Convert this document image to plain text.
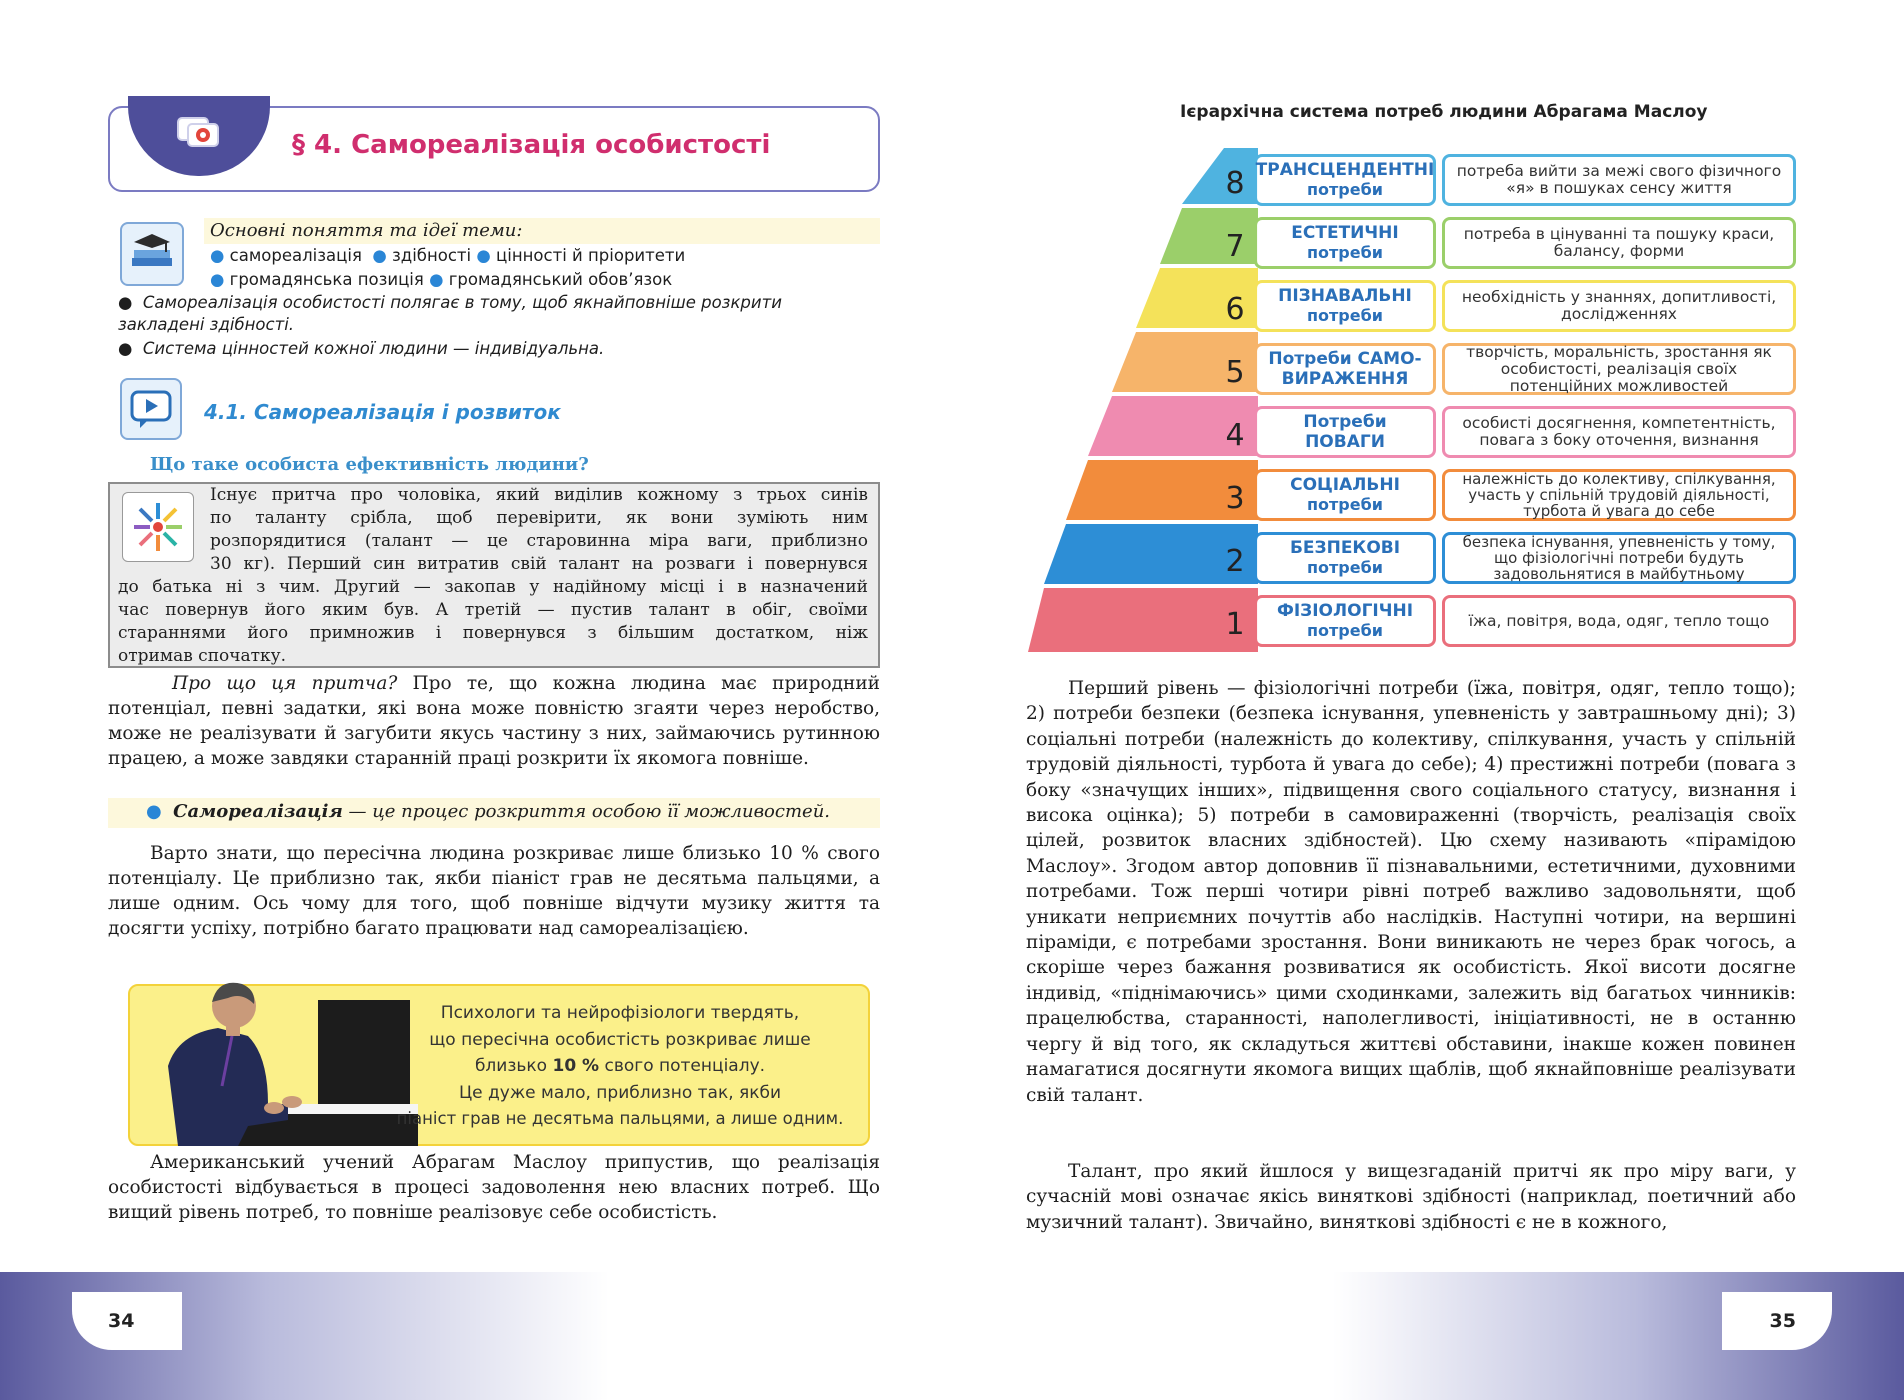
34	35
§ 4. Самореалізація особистості
Основні поняття та ідеї теми:
● самореалізація ● здібності ● цінності й пріоритети
● громадянська позиція ● громадянський обов’язок
●  Самореалізація особистості полягає в тому, щоб якнайповніше розкрити закладені здібності.
●  Система цінностей кожної людини — індивідуальна.
4.1. Самореалізація і розвиток
Що таке особиста ефективність людини?
Існує притча про чоловіка, який виділив кожному з трьох синів
по таланту срібла, щоб перевірити, як вони зуміють ним
розпорядитися (талант — це старовинна міра ваги, приблизно
30 кг). Перший син витратив свій талант на розваги і повернувся
до батька ні з чим. Другий — закопав у надійному місці і в назначений
час повернув його яким був. А третій — пустив талант в обіг, своїми
стараннями його примножив і повернувся з більшим достатком, ніж
отримав спочатку.
Про що ця притча? Про те, що кожна людина має природний потенціал, певні задатки, які вона може повністю згаяти через неробство, може не реалізувати й загубити якусь частину з них, займаючись рутинною працею, а може завдяки старанній праці розкрити їх якомога повніше.
● Самореалізація — це процес розкриття особою її можливостей.
Варто знати, що пересічна людина розкриває лише близько 10 % свого потенціалу. Це приблизно так, якби піаніст грав не десятьма пальцями, а лише одним. Ось чому для того, щоб повніше відчути музику життя та досягти успіху, потрібно багато працювати над самореалізацією.
Психологи та нейрофізіологи твердять,
що пересічна особистість розкриває лише
близько 10 % свого потенціалу.
Це дуже мало, приблизно так, якби
піаніст грав не десятьма пальцями, а лише одним.
Американський учений Абрагам Маслоу припустив, що реалізація особистості відбувається в процесі задоволення нею власних потреб. Що вищий рівень потреб, то повніше реалізовує себе особистість.
Ієрархічна система потреб людини Абрагама Маслоу
8 ТРАНСЦЕНДЕНТНІ
потреби
потреба вийти за межі свого фізичного «я» в пошуках сенсу життя
7	ЕСТЕТИЧНІ
потреби
потреба в цінуванні та пошуку краси, балансу, форми
6	ПІЗНАВАЛЬНІ
потреби
необхідність у знаннях, допитливості, дослідженнях
5	Потреби САМО-
ВИРАЖЕННЯ
творчість, моральність, зростання як особистості, реалізація своїх потенційних можливостей
4	Потреби
ПОВАГИ
особисті досягнення, компетентність, повага з боку оточення, визнання
3	СОЦІАЛЬНІ
потреби
належність до колективу, спілкування, участь у спільній трудовій діяльності, турбота й увага до себе
2	БЕЗПЕКОВІ
потреби
безпека існування, упевненість у тому, що фізіологічні потреби будуть задовольнятися в майбутньому
1	ФІЗІОЛОГІЧНІ
потреби
їжа, повітря, вода, одяг, тепло тощо
Перший рівень — фізіологічні потреби (їжа, повітря, одяг, тепло тощо); 2) потреби безпеки (безпека існування, упевненість у завтрашньому дні); 3) соціальні потреби (належність до колективу, спілкування, участь у спільній трудовій діяльності, турбота й увага до себе); 4) престижні потреби (повага з боку «значущих інших», підвищення свого соціального статусу, визнання і висока оцінка); 5) потреби в самовираженні (творчість, реалізація своїх цілей, розвиток власних здібностей). Цю схему називають «пірамідою Маслоу». Згодом автор доповнив її пізнавальними, естетичними, духовними потребами. Тож перші чотири рівні потреб важливо задовольняти, щоб уникати неприємних почуттів або наслідків. Наступні чотири, на вершині піраміди, є потребами зростання. Вони виникають не через брак чогось, а скоріше через бажання розвиватися як особистість. Якої висоти досягне індивід, «піднімаючись» цими сходинками, залежить від багатьох чинників: працелюбства, старанності, наполегливості, ініціативності, не в останню чергу й від того, як складуться життєві обставини, інакше кожен повинен намагатися досягнути якомога вищих щаблів, щоб якнайповніше реалізувати свій талант.
Талант, про який йшлося у вищезгаданій притчі як про міру ваги, у сучасній мові означає якісь винятковi здібності (наприклад, поетичний або музичний талант). Звичайно, винятковi здібності є не в кожного,
